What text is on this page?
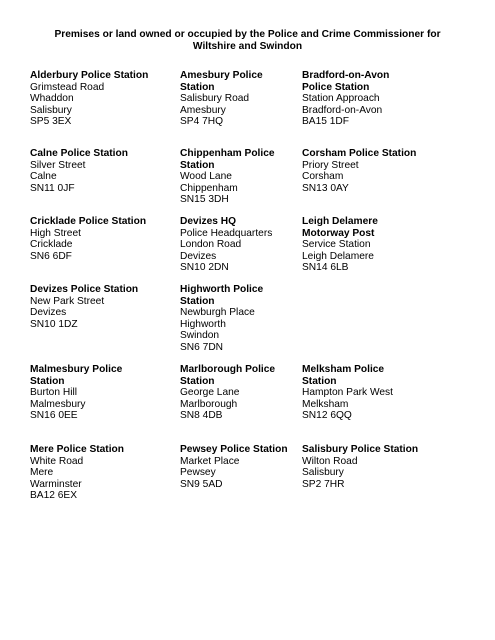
Premises or land owned or occupied by the Police and Crime Commissioner for
Wiltshire and Swindon
Alderbury Police Station
Grimstead Road
Whaddon
Salisbury
SP5 3EX
Amesbury Police
Station
Salisbury Road
Amesbury
SP4 7HQ
Bradford-on-Avon
Police Station
Station Approach
Bradford-on-Avon
BA15 1DF
Calne Police Station
Silver Street
Calne
SN11 0JF
Chippenham Police
Station
Wood Lane
Chippenham
SN15 3DH
Corsham Police Station
Priory Street
Corsham
SN13 0AY
Cricklade Police Station
High Street
Cricklade
SN6 6DF
Devizes HQ
Police Headquarters
London Road
Devizes
SN10 2DN
Leigh Delamere
Motorway Post
Service Station
Leigh Delamere
SN14 6LB
Devizes Police Station
New Park Street
Devizes
SN10 1DZ
Highworth Police
Station
Newburgh Place
Highworth
Swindon
SN6 7DN
Malmesbury Police
Station
Burton Hill
Malmesbury
SN16 0EE
Marlborough Police
Station
George Lane
Marlborough
SN8 4DB
Melksham Police
Station
Hampton Park West
Melksham
SN12 6QQ
Mere Police Station
White Road
Mere
Warminster
BA12 6EX
Pewsey Police Station
Market Place
Pewsey
SN9 5AD
Salisbury Police Station
Wilton Road
Salisbury
SP2 7HR
